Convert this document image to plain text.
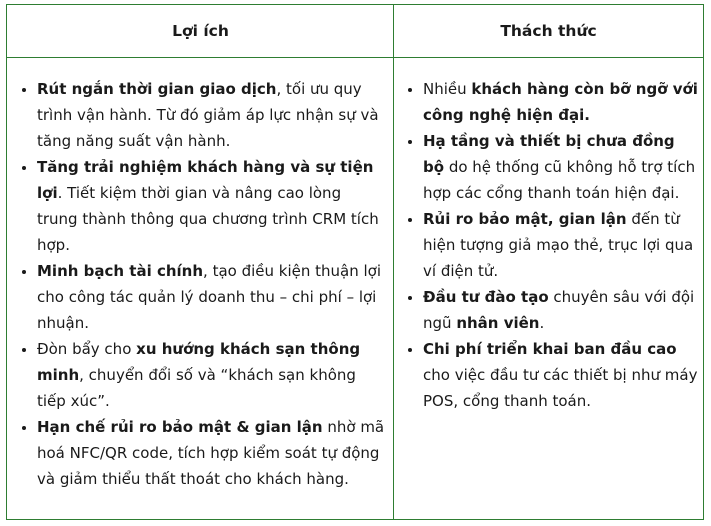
Lợi ích	Thách thức
• Rút ngắn thời gian giao dịch, tối ưu quy trình vận hành. Từ đó giảm áp lực nhận sự và tăng năng suất vận hành.
• Tăng trải nghiệm khách hàng và sự tiện lợi. Tiết kiệm thời gian và nâng cao lòng trung thành thông qua chương trình CRM tích hợp.
• Minh bạch tài chính, tạo điều kiện thuận lợi cho công tác quản lý doanh thu – chi phí – lợi nhuận.
• Đòn bẩy cho xu hướng khách sạn thông minh, chuyển đổi số và “khách sạn không tiếp xúc”.
• Hạn chế rủi ro bảo mật & gian lận nhờ mã hoá NFC/QR code, tích hợp kiểm soát tự động và giảm thiểu thất thoát cho khách hàng.
• Nhiều khách hàng còn bỡ ngỡ với công nghệ hiện đại.
• Hạ tầng và thiết bị chưa đồng bộ do hệ thống cũ không hỗ trợ tích hợp các cổng thanh toán hiện đại.
• Rủi ro bảo mật, gian lận đến từ hiện tượng giả mạo thẻ, trục lợi qua ví điện tử.
• Đầu tư đào tạo chuyên sâu với đội ngũ nhân viên.
• Chi phí triển khai ban đầu cao cho việc đầu tư các thiết bị như máy POS, cổng thanh toán.
